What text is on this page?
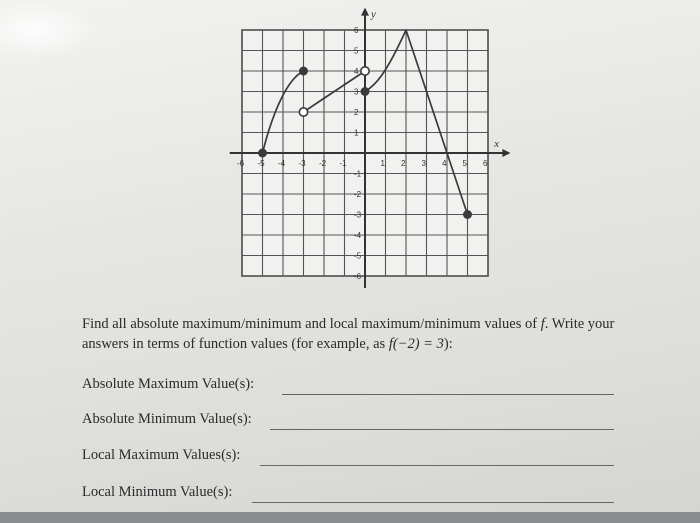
-6 -5 -4 -3 -2 -1	1 2 3 4 5 6
6
5
4
3
2
1
-1
-2
-3
-4
-5
-6
x
y
Find all absolute maximum/minimum and local maximum/minimum values of f. Write your answers in terms of function values (for example, as f(−2) = 3):
Absolute Maximum Value(s):
Absolute Minimum Value(s):
Local Maximum Values(s):
Local Minimum Value(s):
